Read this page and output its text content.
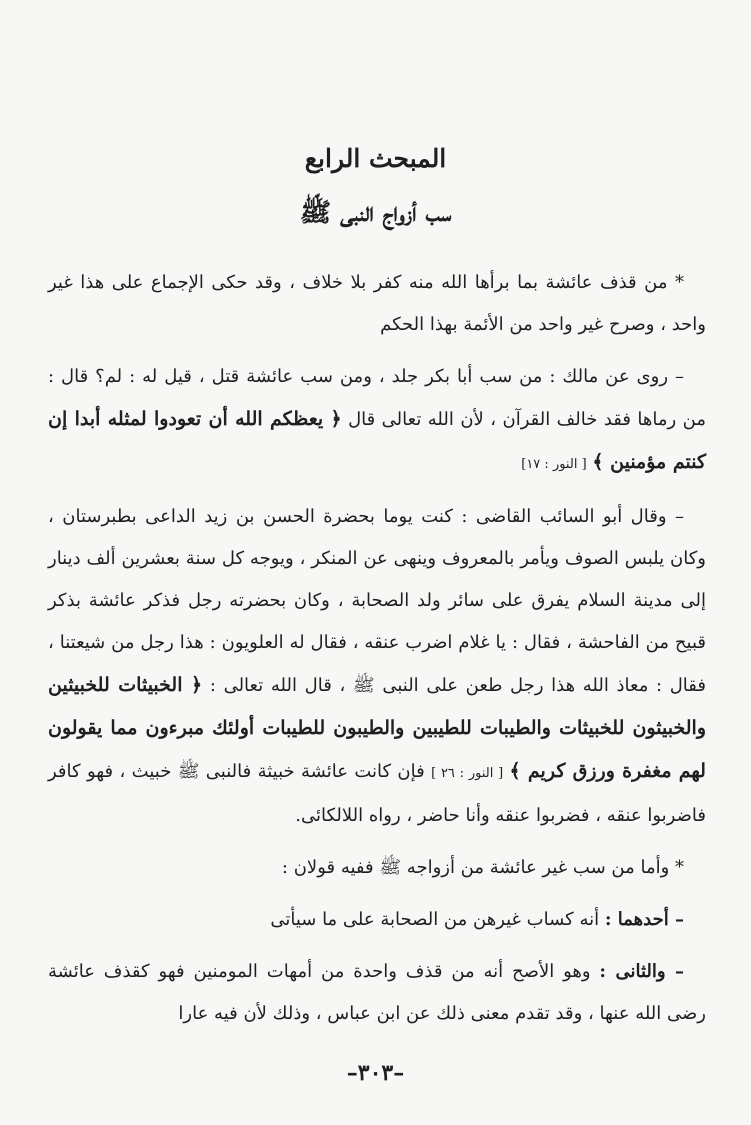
المبحث الرابع
سب أزواج النبى ﷺ

* من قذف عائشة بما برأها الله منه كفر بلا خلاف ، وقد حكى الإجماع على هذا غير واحد ، وصرح غير واحد من الأئمة بهذا الحكم

– روى عن مالك : من سب أبا بكر جلد ، ومن سب عائشة قتل ، قيل له : لم؟ قال : من رماها فقد خالف القرآن ، لأن الله تعالى قال ﴿ يعظكم الله أن تعودوا لمثله أبدا إن كنتم مؤمنين ﴾ [ النور : ١٧]

– وقال أبو السائب القاضى : كنت يوما بحضرة الحسن بن زيد الداعى بطبرستان ، وكان يلبس الصوف ويأمر بالمعروف وينهى عن المنكر ، ويوجه كل سنة بعشرين ألف دينار إلى مدينة السلام يفرق على سائر ولد الصحابة ، وكان بحضرته رجل فذكر عائشة بذكر قبيح من الفاحشة ، فقال : يا غلام اضرب عنقه ، فقال له العلويون : هذا رجل من شيعتنا ، فقال : معاذ الله هذا رجل طعن على النبى ﷺ ، قال الله تعالى : ﴿ الخبيثات للخبيثين والخبيثون للخبيثات والطيبات للطيبين والطيبون للطيبات أولئك مبرءون مما يقولون لهم مغفرة ورزق كريم ﴾ [ النور : ٢٦ ] فإن كانت عائشة خبيثة فالنبى ﷺ خبيث ، فهو كافر فاضربوا عنقه ، فضربوا عنقه وأنا حاضر ، رواه اللالكائى.

* وأما من سب غير عائشة من أزواجه ﷺ ففيه قولان :

– أحدهما : أنه كساب غيرهن من الصحابة على ما سيأتى

– والثانى : وهو الأصح أنه من قذف واحدة من أمهات المومنين فهو كقذف عائشة رضى الله عنها ، وقد تقدم معنى ذلك عن ابن عباس ، وذلك لأن فيه عارا

–٣٠٣–
